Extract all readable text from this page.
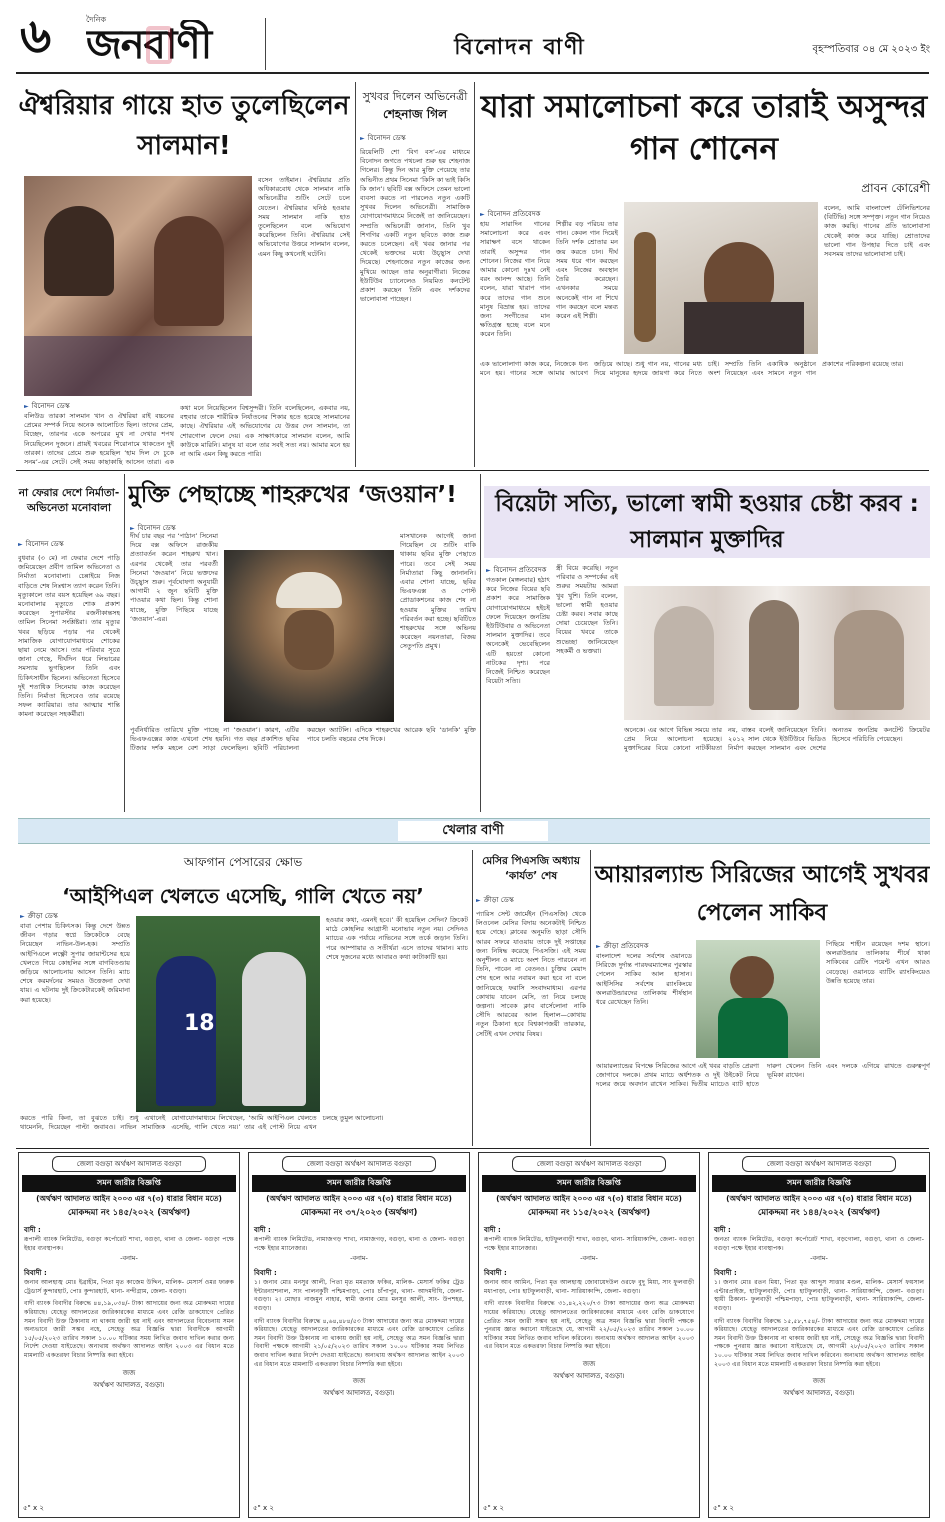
৬	দৈনিক
জনবাণী	বিনোদন বাণী	বৃহস্পতিবার ০৪ মে ২০২৩ ইং
ঐশ্বরিয়ার গায়ে হাত তুলেছিলেন সালমান!
► বিনোদন ডেস্ক
বলিউড তারকা সালমান খান ও ঐশ্বরিয়া রাই বচ্চনের প্রেমের সম্পর্ক নিয়ে অনেক আলোচিত ছিল। তাদের প্রেম, বিচ্ছেদ, তারপর একে অপরের মুখ না দেখার শপথ নিয়েছিলেন দুজনে। প্রায়ই খবরের শিরোনামে থাকতেন দুই তারকা। তাদের প্রেমে শুরু হয়েছিল ‘হাম দিল দে চুকে সনম’-এর সেটে। সেই সময় কাছাকাছি আসেন তারা। এক
বসেন তাইমান। ঐশ্বরিয়ার প্রতি অধিকারবোধ থেকে সালমান নাকি অভিনেত্রীর শুটিং সেটে চলে যেতেন। ঐশ্বরিয়ার ঘনিষ্ঠ হওয়ার সময় সালমান নাকি হাত তুলেছিলেন বলে অভিযোগ করেছিলেন তিনি। ঐশ্বরিয়ার সেই অভিযোগের উত্তরে সালমান বলেন, এমন কিছু কখনোই ঘটেনি।
কথা মনে নিয়েছিলেন বিশ্বসুন্দরী। তিনি বলেছিলেন, একবার নয়, বহুবার তাকে শারীরিক নির্যাতনের শিকার হতে হয়েছে সালমানের কাছে। ঐশ্বরিয়ার এই অভিযোগের যে উত্তর দেন সালমান, তা শোরগোল ফেলে দেয়। এক সাক্ষাৎকারে সালমান বলেন, আমি কাউকে মারিনি। মানুষ যা বলে তার সবই সত্য নয়। আমার মনে হয় না আমি এমন কিছু করতে পারি।
সুখবর দিলেন অভিনেত্রী
শেহনাজ গিল
► বিনোদন ডেস্ক
রিয়েলিটি শো ‘বিগ বস’-এর মাধ্যমে বিনোদন জগতে পথচলা শুরু হয় শেহনাজ গিলের। কিন্তু দিন আর মুক্তি পেয়েছে তার অভিনীত প্রথম সিনেমা ‘কিসি কা ভাই কিসি কি জান’। ছবিটি বক্স অফিসে তেমন ভালো ব্যবসা করতে না পারলেও নতুন একটি সুখবর দিলেন অভিনেত্রী। সামাজিক যোগাযোগমাধ্যমে নিজেই তা জানিয়েছেন। সম্প্রতি অভিনেত্রী জানান, তিনি খুব শিগগির একটি নতুন ছবিতে কাজ শুরু করতে চলেছেন। এই খবর জানার পর থেকেই ভক্তদের মধ্যে উচ্ছ্বাস দেখা দিয়েছে। শেহনাজের নতুন কাজের জন্য মুখিয়ে আছেন তার অনুরাগীরা। নিজের ইউটিউব চ্যানেলেও নিয়মিত কনটেন্ট প্রকাশ করছেন তিনি এবং দর্শকদের ভালোবাসা পাচ্ছেন।
যারা সমালোচনা করে তারাই অসুন্দর গান শোনেন
► বিনোদন প্রতিবেদক
প্রাবন কোরেশী
হায় সারাদিন গানের সমালোচনা করে এবং সারাক্ষণ বসে থাকেন তারাই অসুন্দর গান শোনেন। নিজের গান নিয়ে আমার কোনো দুঃখ নেই বরং আনন্দ আছে। তিনি বলেন, যারা খারাপ গান করে তাদের গান শুনে মানুষ বিভ্রান্ত হয়। তাদের জন্য সংগীতের মান ক্ষতিগ্রস্ত হচ্ছে বলে মনে করেন তিনি।
শিল্পীর বড় পরিচয় তার গান। কেবল গান দিয়েই তিনি দর্শক শ্রোতার মন জয় করতে চান। দীর্ঘ সময় ধরে গান করছেন এবং নিজের অবস্থান তৈরি করেছেন। এখনকার সময়ে অনেকেই গান না শিখে গান করছেন বলে মন্তব্য করেন এই শিল্পী।
বলেন, আমি বাংলাদেশ টেলিভিশনের (বিটিভি) সঙ্গে সম্পৃক্ত। নতুন গান নিয়েও কাজ করছি। গানের প্রতি ভালোবাসা থেকেই কাজ করে যাচ্ছি। শ্রোতাদের ভালো গান উপহার দিতে চাই এবং সবসময় তাদের ভালোবাসা চাই।
এক ভালোলাগা কাজ করে, নিজেকে ধন্য মনে হয়। গানের সঙ্গে আমার আবেগ জড়িয়ে আছে। শুধু গান নয়, গানের মধ্য দিয়ে মানুষের হৃদয়ে জায়গা করে নিতে চাই। সম্প্রতি তিনি একাধিক অনুষ্ঠানে অংশ নিয়েছেন এবং সামনে নতুন গান প্রকাশের পরিকল্পনা রয়েছে তার।
না ফেরার দেশে নির্মাতা-অভিনেতা মনোবালা
► বিনোদন ডেস্ক
বুধবার (৩ মে) না ফেরার দেশে পাড়ি জমিয়েছেন প্রবীণ তামিল অভিনেতা ও নির্মাতা মনোবালা। চেন্নাইয়ে নিজ বাড়িতে শেষ নিঃশ্বাস ত্যাগ করেন তিনি। মৃত্যুকালে তার বয়স হয়েছিল ৬৯ বছর। মনোবালার মৃত্যুতে শোক প্রকাশ করেছেন সুপারস্টার রজনীকান্তসহ তামিল সিনেমা সংশ্লিষ্টরা। তার মৃত্যুর খবর ছড়িয়ে পড়ার পর থেকেই সামাজিক যোগাযোগমাধ্যমে শোকের ছায়া নেমে আসে। তার পরিবার সূত্রে জানা গেছে, দীর্ঘদিন ধরে লিভারের সমস্যায় ভুগছিলেন তিনি এবং চিকিৎসাধীন ছিলেন। অভিনেতা হিসেবে দুই শতাধিক সিনেমায় কাজ করেছেন তিনি। নির্মাতা হিসেবেও তার রয়েছে সফল ক্যারিয়ার। তার আত্মার শান্তি কামনা করেছেন সহকর্মীরা।
মুক্তি পেছাচ্ছে শাহরুখের ‘জওয়ান’!
► বিনোদন ডেস্ক
দীর্ঘ চার বছর পর ‘পাঠান’ সিনেমা দিয়ে বক্স অফিসে রাজকীয় প্রত্যাবর্তন করেন শাহরুখ খান। এরপর থেকেই তার পরবর্তী সিনেমা ‘জওয়ান’ নিয়ে ভক্তদের উচ্ছ্বাস শুরু। পূর্বঘোষণা অনুযায়ী আগামী ২ জুন ছবিটি মুক্তি পাওয়ার কথা ছিল। কিন্তু শোনা যাচ্ছে, মুক্তি পিছিয়ে যাচ্ছে ‘জওয়ান’-এর।
মাসখানেক আগেই জানা গিয়েছিল যে শুটিং বাকি থাকায় ছবির মুক্তি পেছাতে পারে। তবে সেই সময় নির্মাতারা কিছু জানাননি। এবার শোনা যাচ্ছে, ছবির ভিএফএক্স ও পোস্ট প্রোডাকশনের কাজ শেষ না হওয়ায় মুক্তির তারিখ পরিবর্তন করা হচ্ছে। ছবিটিতে শাহরুখের সঙ্গে অভিনয় করেছেন নয়নতারা, বিজয় সেতুপতি প্রমুখ।
পুর্বনির্ধারিত তারিখে মুক্তি পাচ্ছে না ‘জওয়ান’। কারণ, এটির ভিএফএক্সের কাজ এখনো শেষ হয়নি। গত বছর প্রকাশিত ছবির টিজার দর্শক মহলে বেশ সাড়া ফেলেছিল। ছবিটি পরিচালনা করছেন অ্যাটলি। এদিকে শাহরুখের আরেক ছবি ‘ডানকি’ মুক্তি পাবে চলতি বছরের শেষ দিকে।
বিয়েটা সত্যি, ভালো স্বামী হওয়ার চেষ্টা করব : সালমান মুক্তাদির
► বিনোদন প্রতিবেদক
গতকাল (মঙ্গলবার) হঠাৎ করে নিজের বিয়ের ছবি প্রকাশ করে সামাজিক যোগাযোগমাধ্যমে হইচই ফেলে দিয়েছেন জনপ্রিয় ইউটিউবার ও অভিনেতা সালমান মুক্তাদির। তবে অনেকেই ভেবেছিলেন এটি হয়তো কোনো নাটকের দৃশ্য। পরে নিজেই নিশ্চিত করেছেন বিয়েটা সত্যি।
স্ত্রী বিয়ে করেছি। নতুন পরিবার ও সম্পর্কের এই শুরুর সময়টায় আমরা খুব খুশি। তিনি বলেন, ভালো স্বামী হওয়ার চেষ্টা করব। সবার কাছে দোয়া চেয়েছেন তিনি। বিয়ের খবরে তাকে শুভেচ্ছা জানিয়েছেন সহকর্মী ও ভক্তরা।
অনেকে। এর আগে বিভিন্ন সময়ে তার প্রেম নিয়ে আলোচনা হয়েছে। মুক্তাদিরের বিয়ে কোনো নাটকীয়তা নয়, বাস্তব বলেই জানিয়েছেন তিনি। ২০১২ সাল থেকে ইউটিউবে ভিডিও নির্মাণ করছেন সালমান এবং দেশের অন্যতম জনপ্রিয় কনটেন্ট ক্রিয়েটর হিসেবে পরিচিতি পেয়েছেন।
খেলার বাণী
আফগান পেসারের ক্ষোভ
‘আইপিএল খেলতে এসেছি, গালি খেতে নয়’
► ক্রীড়া ডেস্ক
বাবা পেশায় চিকিৎসক। কিন্তু দেশে উন্নত জীবন গড়ার স্বপ্নে ক্রিকেটকে বেছে নিয়েছেন নাভিন-উল-হক। সম্প্রতি আইপিএলে লক্ষ্ণৌ সুপার জায়ান্টসের হয়ে খেলতে গিয়ে কোহলির সঙ্গে বাগবিতণ্ডায় জড়িয়ে আলোচনায় আসেন তিনি। ম্যাচ শেষে করমর্দনের সময়ও উত্তেজনা দেখা যায়। এ ঘটনায় দুই ক্রিকেটারকেই জরিমানা করা হয়েছে।
18
হওয়ার কথা, এমনই হবে।’ কী হয়েছিল সেদিন? ক্রিকেট মাঠে কোহলির আগ্রাসী মনোভাব নতুন নয়। সেদিনও ম্যাচের এক পর্যায়ে নাভিনের সঙ্গে তর্কে জড়ান তিনি। পরে আম্পায়ার ও সতীর্থরা এসে তাদের থামান। ম্যাচ শেষে দুজনের মধ্যে আবারও কথা কাটাকাটি হয়।
করতে পারি কিনা, তা বুঝতে চাই। শুধু এখানেই থামেননি, দিয়েছেন পাল্টা জবাবও। নাভিন সামাজিক যোগাযোগমাধ্যমে লিখেছেন, ‘আমি আইপিএল খেলতে এসেছি, গালি খেতে নয়।’ তার এই পোস্ট নিয়ে এখন চলছে তুমুল আলোচনা।
মেসির পিএসজি অধ্যায় ‘কার্যত’ শেষ
► ক্রীড়া ডেস্ক
প্যারিস সেন্ট জার্মেইন (পিএসজি) থেকে লিওনেল মেসির বিদায় অনেকটাই নিশ্চিত হয়ে গেছে। ক্লাবের অনুমতি ছাড়া সৌদি আরব সফরে যাওয়ায় তাকে দুই সপ্তাহের জন্য নিষিদ্ধ করেছে পিএসজি। এই সময় অনুশীলন ও ম্যাচে অংশ নিতে পারবেন না তিনি, পাবেন না বেতনও। চুক্তির মেয়াদ শেষ হলে আর নবায়ন করা হবে না বলে জানিয়েছে ফরাসি সংবাদমাধ্যম। এরপর কোথায় যাবেন মেসি, তা নিয়ে চলছে জল্পনা। সাবেক ক্লাব বার্সেলোনা নাকি সৌদি আরবের আল হিলাল—কোথায় নতুন ঠিকানা হবে বিশ্বকাপজয়ী তারকার, সেটিই এখন দেখার বিষয়।
আয়ারল্যান্ড সিরিজের আগেই সুখবর পেলেন সাকিব
► ক্রীড়া প্রতিবেদক
বাংলাদেশ দলের সর্বশেষ ওয়ানডে সিরিজে দুর্দান্ত পারফরম্যান্সের পুরস্কার পেলেন সাকিব আল হাসান। আইসিসির সর্বশেষ র‌্যাংকিংয়ে অলরাউন্ডারদের তালিকায় শীর্ষস্থান ধরে রেখেছেন তিনি।
পিছিয়ে শাহীন রয়েছেন দশম স্থানে। অলরাউন্ডার তালিকায় শীর্ষে থাকা সাকিবের রেটিং পয়েন্ট এখন আরও বেড়েছে। ওয়ানডে ব্যাটিং র‌্যাংকিংয়েও উন্নতি হয়েছে তার।
আয়ারল্যান্ডের বিপক্ষে সিরিজের আগে এই খবর বাড়তি প্রেরণা জোগাবে দলকে। প্রথম ম্যাচে অর্ধশতক ও দুই উইকেট নিয়ে দলের জয়ে অবদান রাখেন সাকিব। দ্বিতীয় ম্যাচেও ব্যাট হাতে দারুণ খেলেন তিনি এবং দলকে এগিয়ে রাখতে গুরুত্বপূর্ণ ভূমিকা রাখেন।
জেলা বগুড়া অর্থঋণ আদালত বগুড়া
সমন জারীর বিজ্ঞপ্তি
(অর্থঋণ আদালত আইন ২০০৩ এর ৭(৩) ধারার বিধান মতে)
মোকদ্দমা নং ১৪৫/২০২২ (অর্থঋণ)
বাদী :
রূপালী ব্যাংক লিমিটেড, বগুড়া কর্পোরেট শাখা, বগুড়া, থানা ও জেলা- বগুড়া পক্ষে ইহার ব্যবস্থাপক।
-বনাম-
বিবাদী :
জনাব আলহাজ্ব মোঃ ইব্রাহীম, পিতা মৃত কাজেম উদ্দিন, মালিক- মেসার্স ওমর ফারুক ট্রেডার্স কুন্দারহাট, পোঃ কুন্দারহাট, থানা- নন্দীগ্রাম, জেলা- বগুড়া।
বাদী ব্যাংক বিবাদীর বিরুদ্ধে ৪৪,১৯,০৩৪/- টাকা আদায়ের জন্য অত্র মোকদ্দমা দায়ের করিয়াছে। যেহেতু আদালতের জারিকারকের মাধ্যমে এবং রেজি ডাকযোগে প্রেরিত সমন বিবাদী উক্ত ঠিকানায় না থাকায় জারী হয় নাই এবং আদালতের বিবেচনায় সমন অন্যভাবে জারী সম্ভব নহে, সেহেতু অত্র বিজ্ঞপ্তি দ্বারা বিবাদীকে আগামী ১৫/০৫/২০২৩ তারিখ সকাল ১০.০০ ঘটিকার সময় লিখিত জবাব দাখিল করার জন্য নির্দেশ দেওয়া যাইতেছে। অন্যথায় অর্থঋণ আদালত আইন ২০০৩ এর বিধান মতে মামলাটি একতরফা বিচার নিষ্পত্তি করা হইবে।
জজ
অর্থঋণ আদালত, বগুড়া।
৫" x ২
জেলা বগুড়া অর্থঋণ আদালত বগুড়া
সমন জারীর বিজ্ঞপ্তি
(অর্থঋণ আদালত আইন ২০০৩ এর ৭(৩) ধারার বিধান মতে)
মোকদ্দমা নং ৩৭/২০২৩ (অর্থঋণ)
বাদী :
রূপালী ব্যাংক লিমিটেড, নামাজগড় শাখা, নামাজগড়, বগুড়া, থানা ও জেলা- বগুড়া পক্ষে ইহার ম্যানেজার।
-বনাম-
বিবাদী :
১। জনাব মোঃ মনসুর আলী, পিতা মৃত মমতাজ ফকির, মালিক- মেসার্স ফকির ট্রেড ইন্টারন্যাশনাল, সাং পালনকুটী পশ্চিমপাড়া, পোঃ চাঁপাপুর, থানা- আদমদীঘি, জেলা- বগুড়া। ২। মোছাঃ নাজমুন নাহার, স্বামী জনাব মোঃ মনসুর আলী, সাং- উপশহর, বগুড়া।
বাদী ব্যাংক বিবাদীর বিরুদ্ধে ৪,৬৪,৪৮৪/৫৩ টাকা আদায়ের জন্য অত্র মোকদ্দমা দায়ের করিয়াছে। যেহেতু আদালতের জারিকারকের মাধ্যমে এবং রেজি ডাকযোগে প্রেরিত সমন বিবাদী উক্ত ঠিকানায় না থাকায় জারী হয় নাই, সেহেতু অত্র সমন বিজ্ঞপ্তি দ্বারা বিবাদী পক্ষকে আগামী ২১/০৫/২০২৩ তারিখ সকাল ১০.০০ ঘটিকার সময় লিখিত জবাব দাখিল করার নির্দেশ দেওয়া যাইতেছে। অন্যথায় অর্থঋণ আদালত আইন ২০০৩ এর বিধান মতে মামলাটি একতরফা বিচার নিষ্পত্তি করা হইবে।
জজ
অর্থঋণ আদালত, বগুড়া।
৫" x ২
জেলা বগুড়া অর্থঋণ আদালত বগুড়া
সমন জারীর বিজ্ঞপ্তি
(অর্থঋণ আদালত আইন ২০০৩ এর ৭(৩) ধারার বিধান মতে)
মোকদ্দমা নং ১১৫/২০২২ (অর্থঋণ)
বাদী :
রূপালী ব্যাংক লিমিটেড, হাটফুলবাড়ী শাখা, বগুড়া, থানা- সারিয়াকান্দি, জেলা- বগুড়া পক্ষে ইহার ম্যানেজার।
-বনাম-
বিবাদী :
জনাব আব আমিন, পিতা মৃত আলহাজ্ব জোবায়েদউল ওরফে বুদু মিয়া, সাং ফুলবাড়ী মধ্যপাড়া, পোঃ হাটফুলবাড়ী, থানা- সারিয়াকান্দি, জেলা- বগুড়া।
বাদী ব্যাংক বিবাদীর বিরুদ্ধে ৩১,৪২,২২০/৭৩ টাকা আদায়ের জন্য অত্র মোকদ্দমা দায়ের করিয়াছে। যেহেতু আদালতের জারিকারকের মাধ্যমে এবং রেজি ডাকযোগে প্রেরিত সমন জারী সম্ভব হয় নাই, সেহেতু অত্র সমন বিজ্ঞপ্তি দ্বারা বিবাদী পক্ষকে পুনরায় জ্ঞাত করানো যাইতেছে যে, আগামী ২২/০৫/২০২৩ তারিখ সকাল ১০.০০ ঘটিকার সময় লিখিত জবাব দাখিল করিবেন। অন্যথায় অর্থঋণ আদালত আইন ২০০৩ এর বিধান মতে একতরফা বিচার নিষ্পত্তি করা হইবে।
জজ
অর্থঋণ আদালত, বগুড়া।
৫" x ২
জেলা বগুড়া অর্থঋণ আদালত বগুড়া
সমন জারীর বিজ্ঞপ্তি
(অর্থঋণ আদালত আইন ২০০৩ এর ৭(৩) ধারার বিধান মতে)
মোকদ্দমা নং ১৪৪/২০২২ (অর্থঋণ)
বাদী :
জনতা ব্যাংক লিমিটেড, বগুড়া কর্পোরেট শাখা, বড়গোলা, বগুড়া, থানা ও জেলা- বগুড়া পক্ষে ইহার ব্যবস্থাপক।
-বনাম-
বিবাদী :
১। জনাব মোঃ রতন মিয়া, পিতা মৃত আব্দুস সাত্তার মণ্ডল, মালিক- মেসার্স ফয়সাল এন্টারপ্রাইজ, হাটফুলবাড়ী, পোঃ হাটফুলবাড়ী, থানা- সারিয়াকান্দি, জেলা- বগুড়া। স্থায়ী ঠিকানা- ফুলবাড়ী পশ্চিমপাড়া, পোঃ হাটফুলবাড়ী, থানা- সারিয়াকান্দি, জেলা- বগুড়া।
বাদী ব্যাংক বিবাদীর বিরুদ্ধে ১৫,৫৮,৭৫৪/- টাকা আদায়ের জন্য অত্র মোকদ্দমা দায়ের করিয়াছে। যেহেতু আদালতের জারিকারকের মাধ্যমে এবং রেজি ডাকযোগে প্রেরিত সমন বিবাদী উক্ত ঠিকানায় না থাকায় জারী হয় নাই, সেহেতু অত্র বিজ্ঞপ্তি দ্বারা বিবাদী পক্ষকে পুনরায় জ্ঞাত করানো যাইতেছে যে, আগামী ২৮/০৫/২০২৩ তারিখ সকাল ১০.০০ ঘটিকার সময় লিখিত জবাব দাখিল করিবেন। অন্যথায় অর্থঋণ আদালত আইন ২০০৩ এর বিধান মতে মামলাটি একতরফা বিচার নিষ্পত্তি করা হইবে।
জজ
অর্থঋণ আদালত, বগুড়া।
৫" x ২
